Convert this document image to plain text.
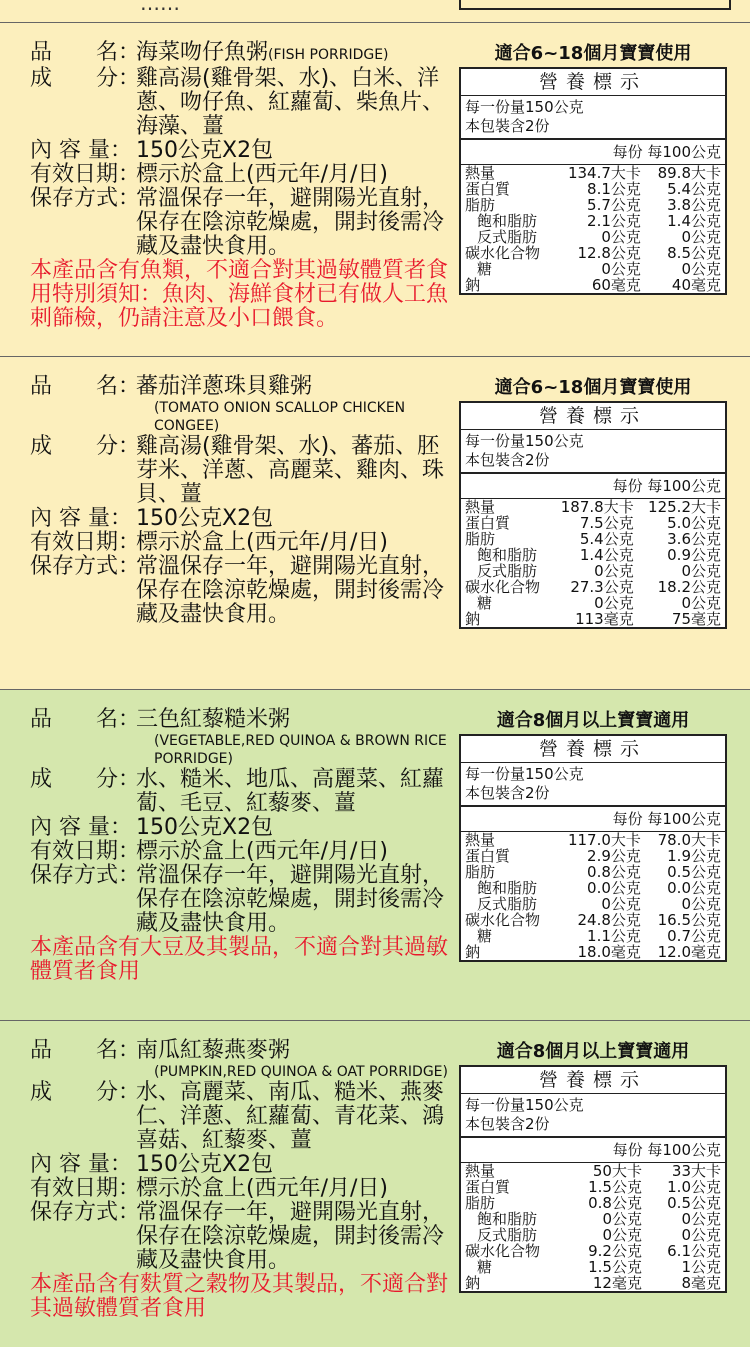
……
品　　名：
海菜吻仔魚粥(FISH PORRIDGE)
成　　分：
雞高湯(雞骨架、水)、白米、洋蔥、吻仔魚、紅蘿蔔、柴魚片、海藻、薑
內 容 量： 150公克X2包
有效日期：
標示於盒上(西元年/月/日)
保存方式：
常溫保存一年，避開陽光直射，保存在陰涼乾燥處，開封後需冷藏及盡快食用。
本產品含有魚類，不適合對其過敏體質者食用特別須知：魚肉、海鮮食材已有做人工魚刺篩檢，仍請注意及小口餵食。
適合6~18個月寶寶使用
營養標示
每一份量150公克
本包裝含2份
每份 每100公克
熱量	134.7大卡	89.8大卡
蛋白質	8.1公克	5.4公克
脂肪	5.7公克	3.8公克
飽和脂肪	2.1公克	1.4公克
反式脂肪	0公克	0公克
碳水化合物	12.8公克	8.5公克
糖	0公克	0公克
鈉	60毫克	40毫克
品　　名：
蕃茄洋蔥珠貝雞粥
(TOMATO ONION SCALLOP CHICKEN CONGEE)
成　　分：
雞高湯(雞骨架、水)、蕃茄、胚芽米、洋蔥、高麗菜、雞肉、珠貝、薑
內 容 量： 150公克X2包
有效日期：
標示於盒上(西元年/月/日)
保存方式：
常溫保存一年，避開陽光直射，保存在陰涼乾燥處，開封後需冷藏及盡快食用。
適合6~18個月寶寶使用
營養標示
每一份量150公克
本包裝含2份
每份 每100公克
熱量	187.8大卡	125.2大卡
蛋白質	7.5公克	5.0公克
脂肪	5.4公克	3.6公克
飽和脂肪	1.4公克	0.9公克
反式脂肪	0公克	0公克
碳水化合物	27.3公克	18.2公克
糖	0公克	0公克
鈉	113毫克	75毫克
品　　名：
三色紅藜糙米粥
(VEGETABLE,RED QUINOA & BROWN RICE PORRIDGE)
成　　分：
水、糙米、地瓜、高麗菜、紅蘿蔔、毛豆、紅藜麥、薑
內 容 量： 150公克X2包
有效日期：
標示於盒上(西元年/月/日)
保存方式：
常溫保存一年，避開陽光直射，保存在陰涼乾燥處，開封後需冷藏及盡快食用。
本產品含有大豆及其製品，不適合對其過敏體質者食用
適合8個月以上寶寶適用
營養標示
每一份量150公克
本包裝含2份
每份 每100公克
熱量	117.0大卡	78.0大卡
蛋白質	2.9公克	1.9公克
脂肪	0.8公克	0.5公克
飽和脂肪	0.0公克	0.0公克
反式脂肪	0公克	0公克
碳水化合物	24.8公克	16.5公克
糖	1.1公克	0.7公克
鈉	18.0毫克	12.0毫克
品　　名：
南瓜紅藜燕麥粥
(PUMPKIN,RED QUINOA & OAT PORRIDGE)
成　　分：
水、高麗菜、南瓜、糙米、燕麥仁、洋蔥、紅蘿蔔、青花菜、鴻喜菇、紅藜麥、薑
內 容 量： 150公克X2包
有效日期：
標示於盒上(西元年/月/日)
保存方式：
常溫保存一年，避開陽光直射，保存在陰涼乾燥處，開封後需冷藏及盡快食用。
本產品含有麩質之穀物及其製品，不適合對其過敏體質者食用
適合8個月以上寶寶適用
營養標示
每一份量150公克
本包裝含2份
每份 每100公克
熱量	50大卡	33大卡
蛋白質	1.5公克	1.0公克
脂肪	0.8公克	0.5公克
飽和脂肪	0公克	0公克
反式脂肪	0公克	0公克
碳水化合物	9.2公克	6.1公克
糖	1.5公克	1公克
鈉	12毫克	8毫克
